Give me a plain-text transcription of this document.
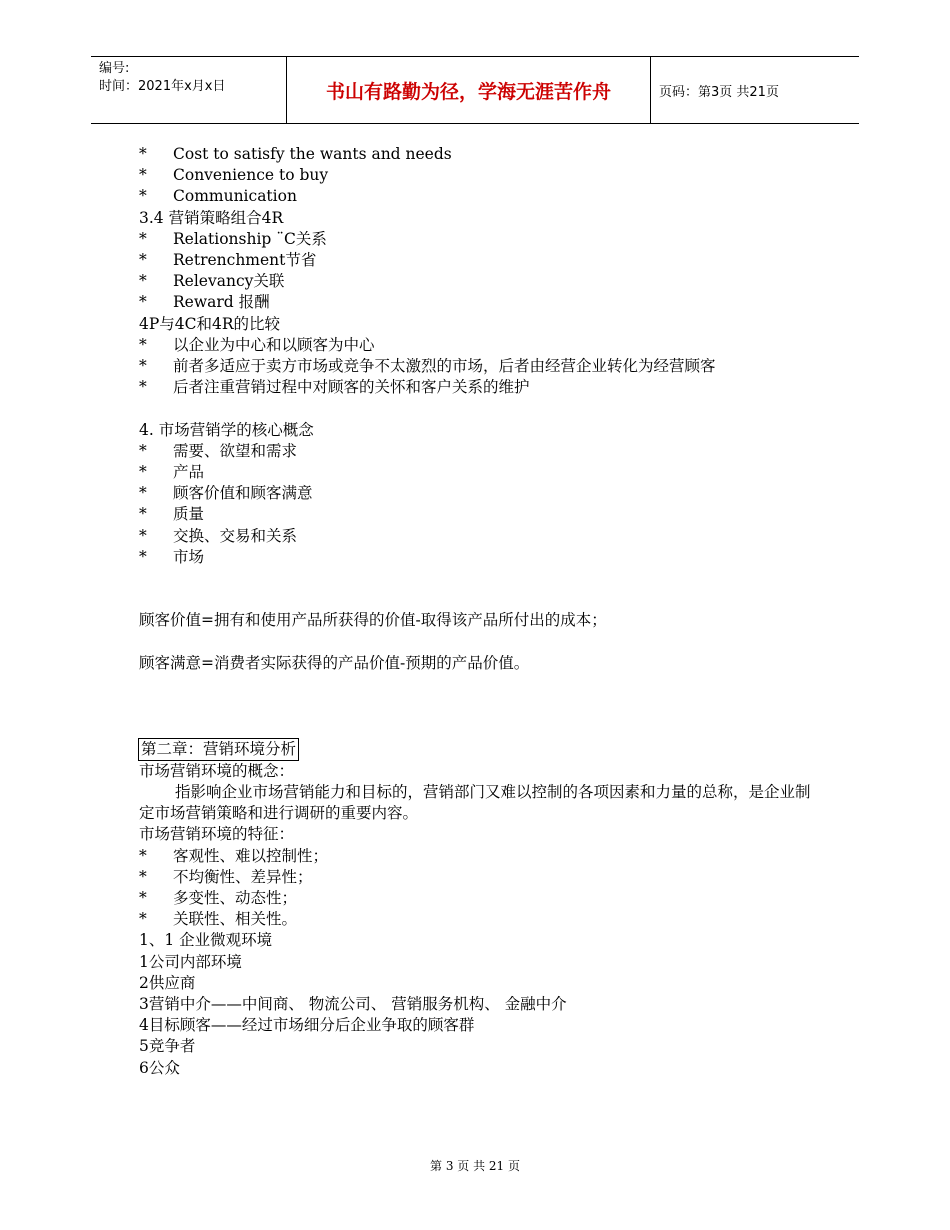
编号:
时间：2021年x月x日	书山有路勤为径，学海无涯苦作舟	页码：第3页 共21页
* Cost to satisfy the wants and needs
* Convenience to buy
* Communication
3.4 营销策略组合4R
* Relationship ¨C关系
* Retrenchment节省
* Relevancy关联
* Reward 报酬
4P与4C和4R的比较
* 以企业为中心和以顾客为中心
* 前者多适应于卖方市场或竞争不太激烈的市场，后者由经营企业转化为经营顾客
* 后者注重营销过程中对顾客的关怀和客户关系的维护
4. 市场营销学的核心概念
* 需要、欲望和需求
* 产品
* 顾客价值和顾客满意
* 质量
* 交换、交易和关系
* 市场
顾客价值=拥有和使用产品所获得的价值-取得该产品所付出的成本；
顾客满意=消费者实际获得的产品价值-预期的产品价值。
第二章：营销环境分析
市场营销环境的概念：
指影响企业市场营销能力和目标的，营销部门又难以控制的各项因素和力量的总称，是企业制定市场营销策略和进行调研的重要内容。
市场营销环境的特征：
* 客观性、难以控制性；
* 不均衡性、差异性；
* 多变性、动态性；
* 关联性、相关性。
1、1 企业微观环境
1公司内部环境
2供应商
3营销中介——中间商、 物流公司、 营销服务机构、 金融中介
4目标顾客——经过市场细分后企业争取的顾客群
5竞争者
6公众
第 3 页 共 21 页
